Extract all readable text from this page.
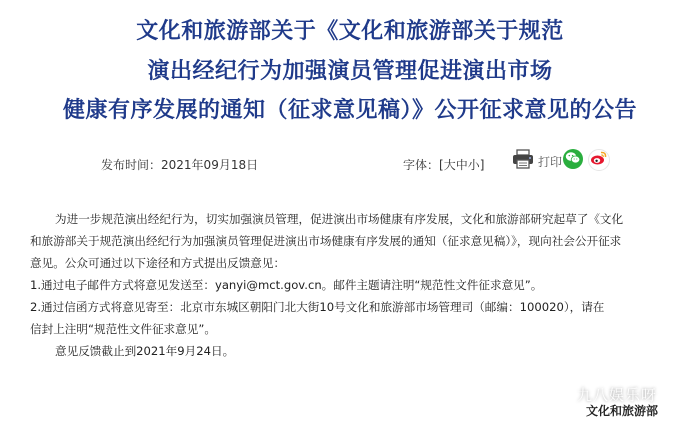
文化和旅游部关于《文化和旅游部关于规范
演出经纪行为加强演员管理促进演出市场
健康有序发展的通知（征求意见稿）》公开征求意见的公告
发布时间：2021年09月18日	字体：[大中小]	打印
为进一步规范演出经纪行为，切实加强演员管理，促进演出市场健康有序发展，文化和旅游部研究起草了《文化
和旅游部关于规范演出经纪行为加强演员管理促进演出市场健康有序发展的通知（征求意见稿）》，现向社会公开征求
意见。公众可通过以下途径和方式提出反馈意见：
1.通过电子邮件方式将意见发送至：yanyi@mct.gov.cn。邮件主题请注明“规范性文件征求意见”。
2.通过信函方式将意见寄至：北京市东城区朝阳门北大街10号文化和旅游部市场管理司（邮编：100020），请在
信封上注明“规范性文件征求意见”。
意见反馈截止到2021年9月24日。
文化和旅游部
九八娱乐呀
